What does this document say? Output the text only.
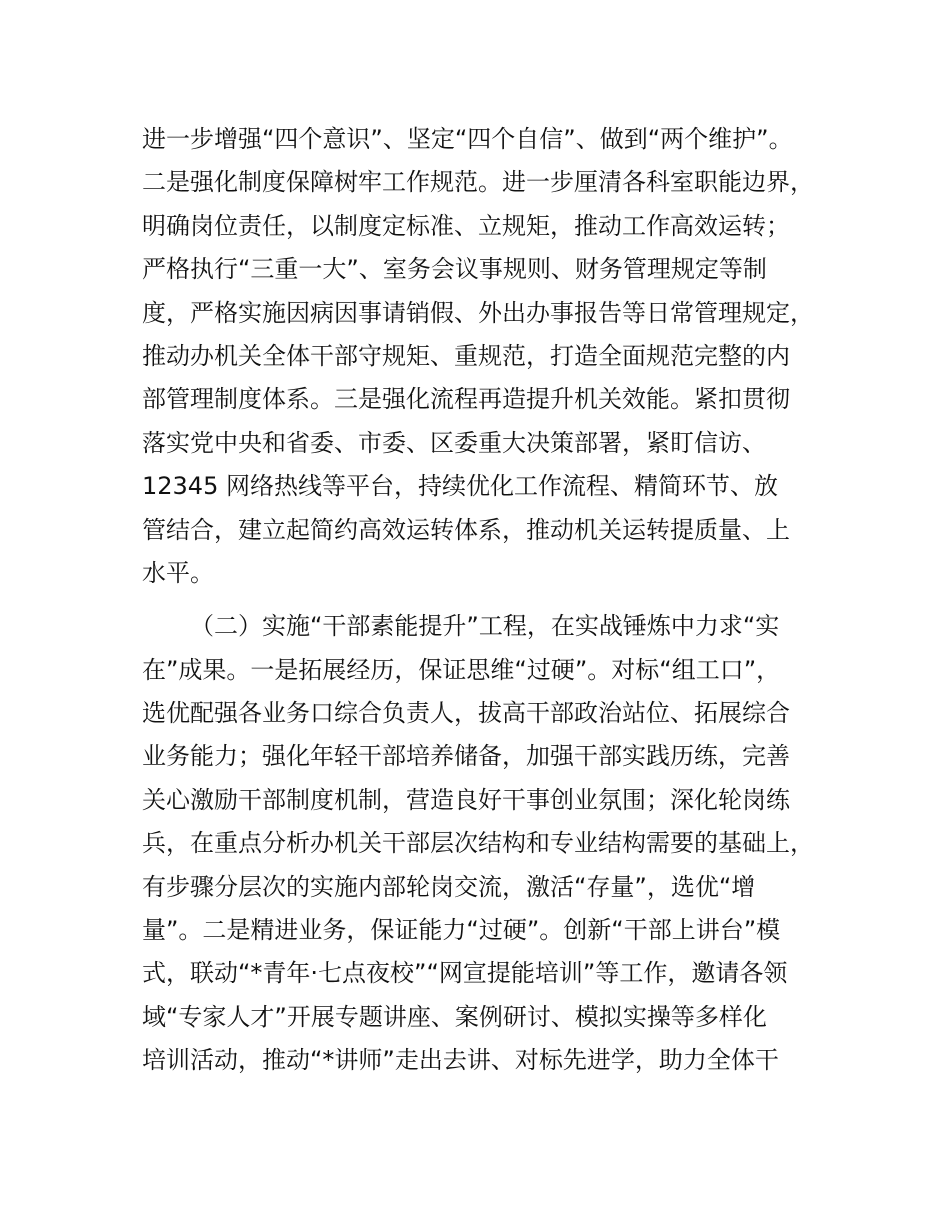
进一步增强“四个意识”、坚定“四个自信”、做到“两个维护”。
二是强化制度保障树牢工作规范。进一步厘清各科室职能边界，
明确岗位责任，以制度定标准、立规矩，推动工作高效运转；
严格执行“三重一大”、室务会议事规则、财务管理规定等制
度，严格实施因病因事请销假、外出办事报告等日常管理规定，
推动办机关全体干部守规矩、重规范，打造全面规范完整的内
部管理制度体系。三是强化流程再造提升机关效能。紧扣贯彻
落实党中央和省委、市委、区委重大决策部署，紧盯信访、
12345 网络热线等平台，持续优化工作流程、精简环节、放
管结合，建立起简约高效运转体系，推动机关运转提质量、上
水平。
（二）实施“干部素能提升”工程，在实战锤炼中力求“实
在”成果。一是拓展经历，保证思维“过硬”。对标“组工口”，
选优配强各业务口综合负责人，拔高干部政治站位、拓展综合
业务能力；强化年轻干部培养储备，加强干部实践历练，完善
关心激励干部制度机制，营造良好干事创业氛围；深化轮岗练
兵，在重点分析办机关干部层次结构和专业结构需要的基础上，
有步骤分层次的实施内部轮岗交流，激活“存量”，选优“增
量”。二是精进业务，保证能力“过硬”。创新“干部上讲台”模
式，联动“*青年·七点夜校”“网宣提能培训”等工作，邀请各领
域“专家人才”开展专题讲座、案例研讨、模拟实操等多样化
培训活动，推动“*讲师”走出去讲、对标先进学，助力全体干
